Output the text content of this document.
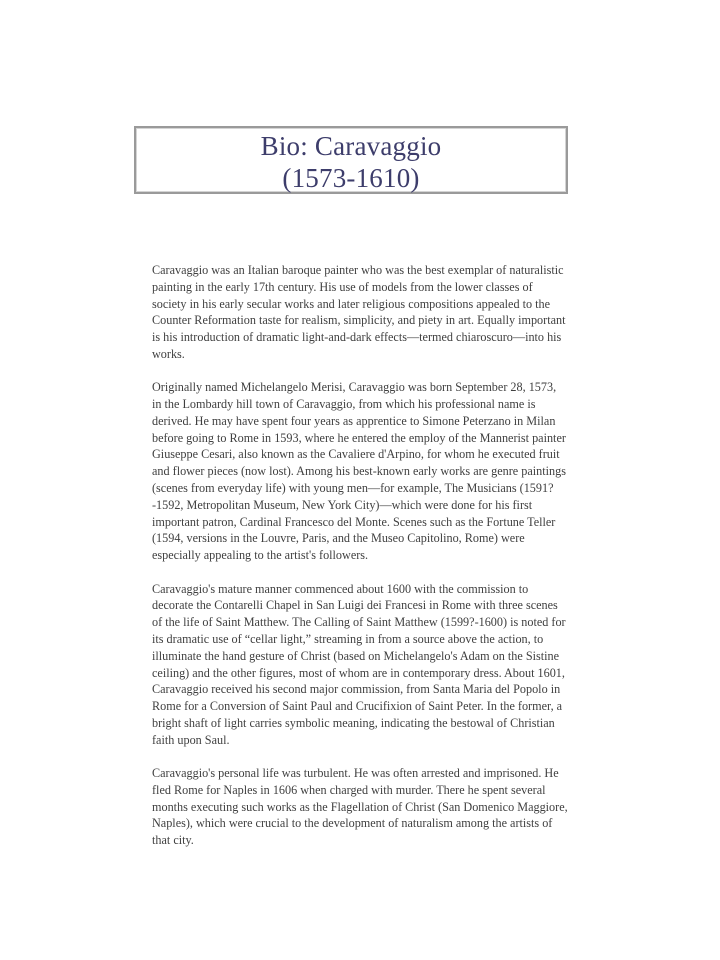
Bio: Caravaggio
(1573-1610)

Caravaggio was an Italian baroque painter who was the best exemplar of naturalistic painting in the early 17th century. His use of models from the lower classes of society in his early secular works and later religious compositions appealed to the Counter Reformation taste for realism, simplicity, and piety in art. Equally important is his introduction of dramatic light-and-dark effects—termed chiaroscuro—into his works.

Originally named Michelangelo Merisi, Caravaggio was born September 28, 1573, in the Lombardy hill town of Caravaggio, from which his professional name is derived. He may have spent four years as apprentice to Simone Peterzano in Milan before going to Rome in 1593, where he entered the employ of the Mannerist painter Giuseppe Cesari, also known as the Cavaliere d'Arpino, for whom he executed fruit and flower pieces (now lost). Among his best-known early works are genre paintings (scenes from everyday life) with young men—for example, The Musicians (1591?-1592, Metropolitan Museum, New York City)—which were done for his first important patron, Cardinal Francesco del Monte. Scenes such as the Fortune Teller (1594, versions in the Louvre, Paris, and the Museo Capitolino, Rome) were especially appealing to the artist's followers.

Caravaggio's mature manner commenced about 1600 with the commission to decorate the Contarelli Chapel in San Luigi dei Francesi in Rome with three scenes of the life of Saint Matthew. The Calling of Saint Matthew (1599?-1600) is noted for its dramatic use of “cellar light,” streaming in from a source above the action, to illuminate the hand gesture of Christ (based on Michelangelo's Adam on the Sistine ceiling) and the other figures, most of whom are in contemporary dress. About 1601, Caravaggio received his second major commission, from Santa Maria del Popolo in Rome for a Conversion of Saint Paul and Crucifixion of Saint Peter. In the former, a bright shaft of light carries symbolic meaning, indicating the bestowal of Christian faith upon Saul.

Caravaggio's personal life was turbulent. He was often arrested and imprisoned. He fled Rome for Naples in 1606 when charged with murder. There he spent several months executing such works as the Flagellation of Christ (San Domenico Maggiore, Naples), which were crucial to the development of naturalism among the artists of that city.
